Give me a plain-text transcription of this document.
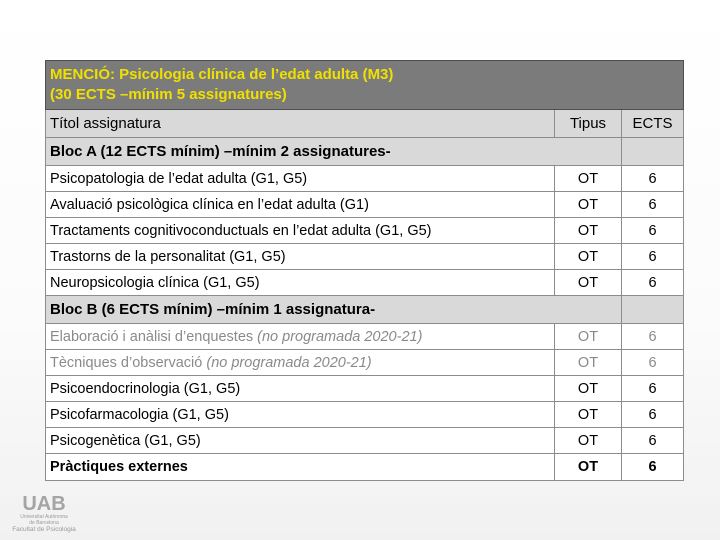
MENCIÓ: Psicologia clínica de l’edat adulta (M3)
(30 ECTS –mínim 5 assignatures)		

Títol assignatura	Tipus	ECTS
Bloc A (12 ECTS mínim) –mínim 2 assignatures-		
Psicopatologia de l’edat adulta (G1, G5)	OT	6
Avaluació psicològica clínica en l’edat adulta (G1)	OT	6
Tractaments cognitivoconductuals en l’edat adulta (G1, G5)	OT	6
Trastorns de la personalitat (G1, G5)	OT	6
Neuropsicologia clínica (G1, G5)	OT	6
Bloc B (6 ECTS mínim) –mínim 1 assignatura-		
Elaboració i anàlisi d’enquestes (no programada 2020-21)	OT	6
Tècniques d’observació (no programada 2020-21)	OT	6
Psicoendocrinologia (G1, G5)	OT	6
Psicofarmacologia (G1, G5)	OT	6
Psicogenètica (G1, G5)	OT	6
Pràctiques externes	OT	6
UAB
Universitat Autònoma
de Barcelona
Facultat de Psicologia
